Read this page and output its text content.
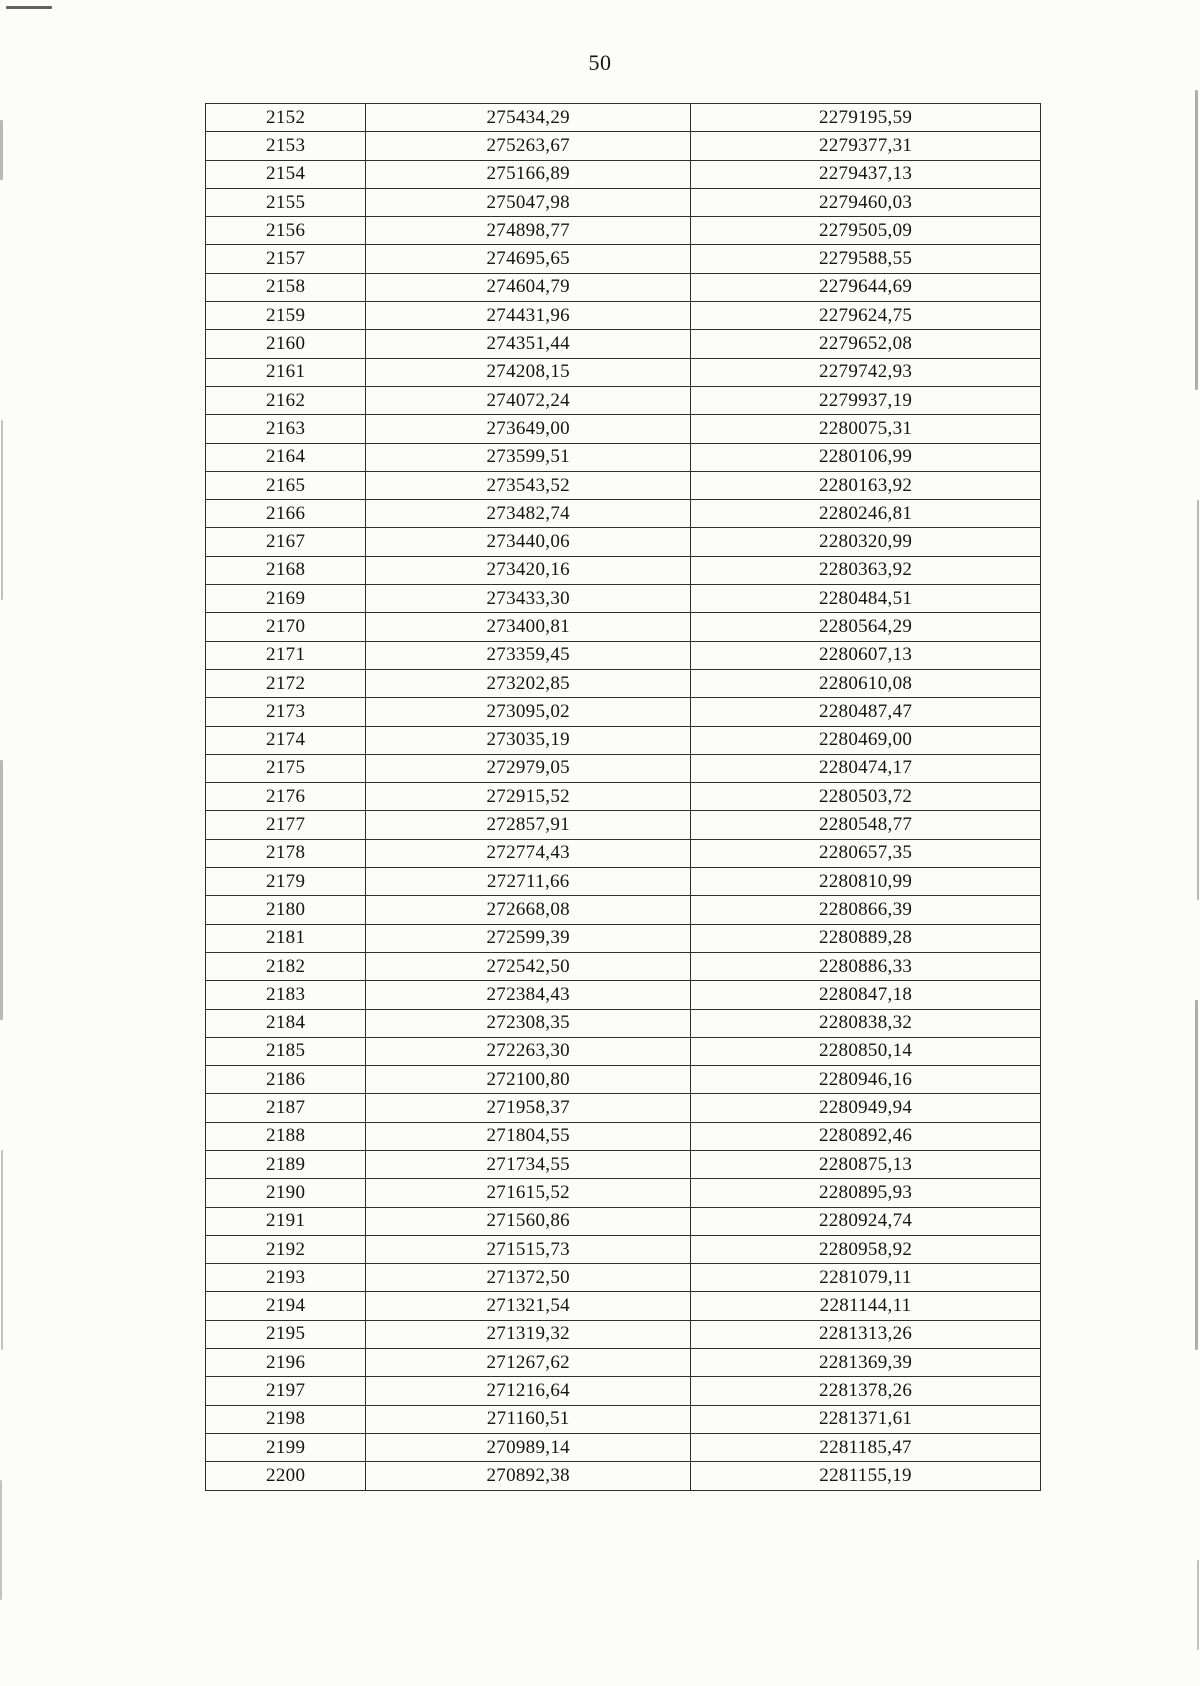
50
2152	275434,29	2279195,59
2153	275263,67	2279377,31
2154	275166,89	2279437,13
2155	275047,98	2279460,03
2156	274898,77	2279505,09
2157	274695,65	2279588,55
2158	274604,79	2279644,69
2159	274431,96	2279624,75
2160	274351,44	2279652,08
2161	274208,15	2279742,93
2162	274072,24	2279937,19
2163	273649,00	2280075,31
2164	273599,51	2280106,99
2165	273543,52	2280163,92
2166	273482,74	2280246,81
2167	273440,06	2280320,99
2168	273420,16	2280363,92
2169	273433,30	2280484,51
2170	273400,81	2280564,29
2171	273359,45	2280607,13
2172	273202,85	2280610,08
2173	273095,02	2280487,47
2174	273035,19	2280469,00
2175	272979,05	2280474,17
2176	272915,52	2280503,72
2177	272857,91	2280548,77
2178	272774,43	2280657,35
2179	272711,66	2280810,99
2180	272668,08	2280866,39
2181	272599,39	2280889,28
2182	272542,50	2280886,33
2183	272384,43	2280847,18
2184	272308,35	2280838,32
2185	272263,30	2280850,14
2186	272100,80	2280946,16
2187	271958,37	2280949,94
2188	271804,55	2280892,46
2189	271734,55	2280875,13
2190	271615,52	2280895,93
2191	271560,86	2280924,74
2192	271515,73	2280958,92
2193	271372,50	2281079,11
2194	271321,54	2281144,11
2195	271319,32	2281313,26
2196	271267,62	2281369,39
2197	271216,64	2281378,26
2198	271160,51	2281371,61
2199	270989,14	2281185,47
2200	270892,38	2281155,19
